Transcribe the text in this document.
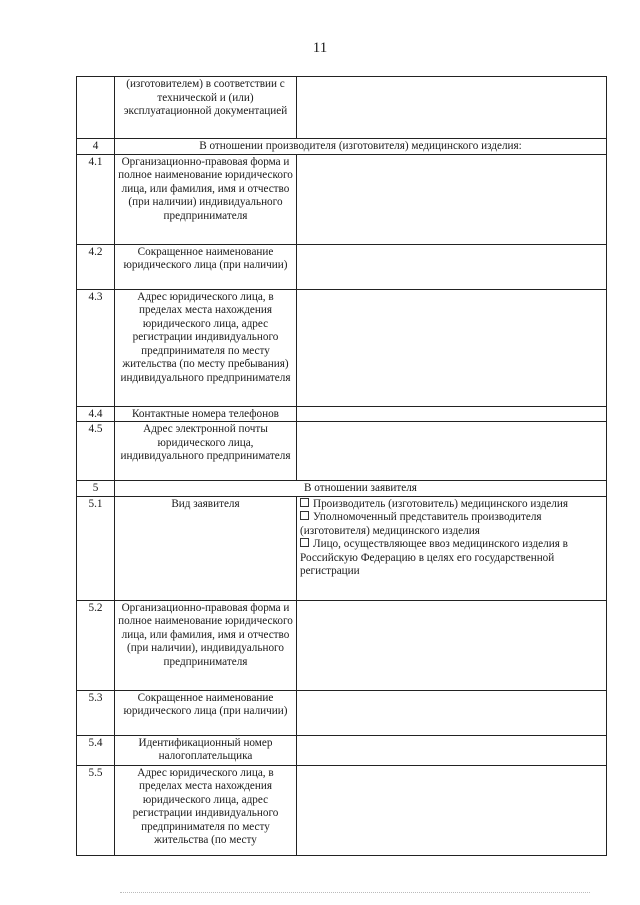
11
	(изготовителем) в соответствии с технической и (или) эксплуатационной документацией	
4	В отношении производителя (изготовителя) медицинского изделия:	
4.1	Организационно-правовая форма и полное наименование юридического лица, или фамилия, имя и отчество (при наличии) индивидуального предпринимателя	
4.2	Сокращенное наименование юридического лица (при наличии)	
4.3	Адрес юридического лица, в пределах места нахождения юридического лица, адрес регистрации индивидуального предпринимателя по месту жительства (по месту пребывания) индивидуального предпринимателя	
4.4	Контактные номера телефонов	
4.5	Адрес электронной почты юридического лица, индивидуального предпринимателя	
5	В отношении заявителя	
5.1	Вид заявителя	Производитель (изготовитель) медицинского изделия
Уполномоченный представитель производителя (изготовителя) медицинского изделия
Лицо, осуществляющее ввоз медицинского изделия в Российскую Федерацию в целях его государственной регистрации

5.2	Организационно-правовая форма и полное наименование юридического лица, или фамилия, имя и отчество (при наличии), индивидуального предпринимателя	
5.3	Сокращенное наименование юридического лица (при наличии)	
5.4	Идентификационный номер налогоплательщика	
5.5	Адрес юридического лица, в пределах места нахождения юридического лица, адрес регистрации индивидуального предпринимателя по месту жительства (по месту	
